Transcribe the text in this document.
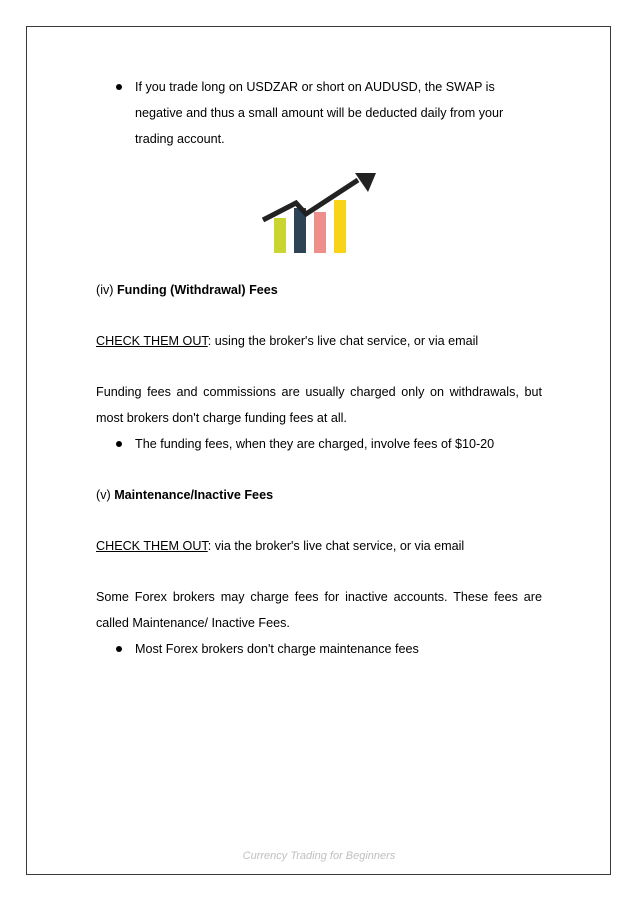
If you trade long on USDZAR or short on AUDUSD, the SWAP is negative and thus a small amount will be deducted daily from your trading account.

(iv) Funding (Withdrawal) Fees

CHECK THEM OUT: using the broker's live chat service, or via email

Funding fees and commissions are usually charged only on withdrawals, but most brokers don't charge funding fees at all.

The funding fees, when they are charged, involve fees of $10-20

(v) Maintenance/Inactive Fees

CHECK THEM OUT: via the broker's live chat service, or via email

Some Forex brokers may charge fees for inactive accounts. These fees are called Maintenance/ Inactive Fees.

Most Forex brokers don't charge maintenance fees
Currency Trading for Beginners
